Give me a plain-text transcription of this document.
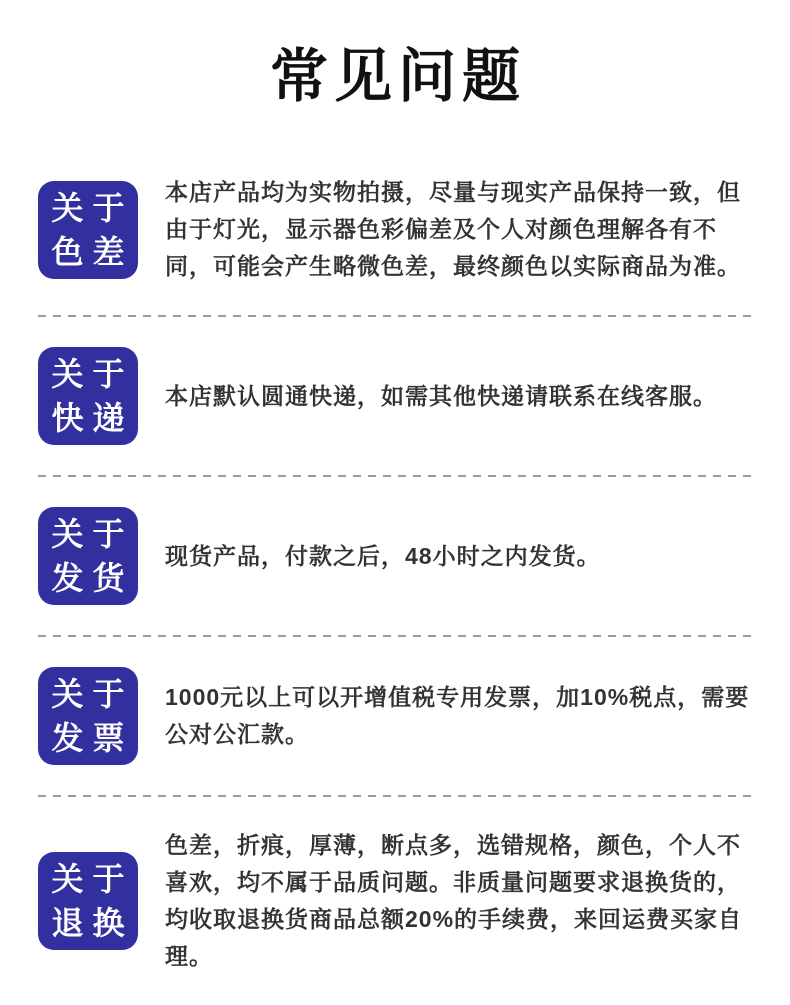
常见问题
关于
色差
本店产品均为实物拍摄，尽量与现实产品保持一致，但由于灯光，显示器色彩偏差及个人对颜色理解各有不同，可能会产生略微色差，最终颜色以实际商品为准。
关于
快递
本店默认圆通快递，如需其他快递请联系在线客服。
关于
发货
现货产品，付款之后，48小时之内发货。
关于
发票
1000元以上可以开增值税专用发票，加10%税点，需要公对公汇款。
关于
退换
色差，折痕，厚薄，断点多，选错规格，颜色，个人不喜欢，均不属于品质问题。非质量问题要求退换货的，均收取退换货商品总额20%的手续费，来回运费买家自理。
